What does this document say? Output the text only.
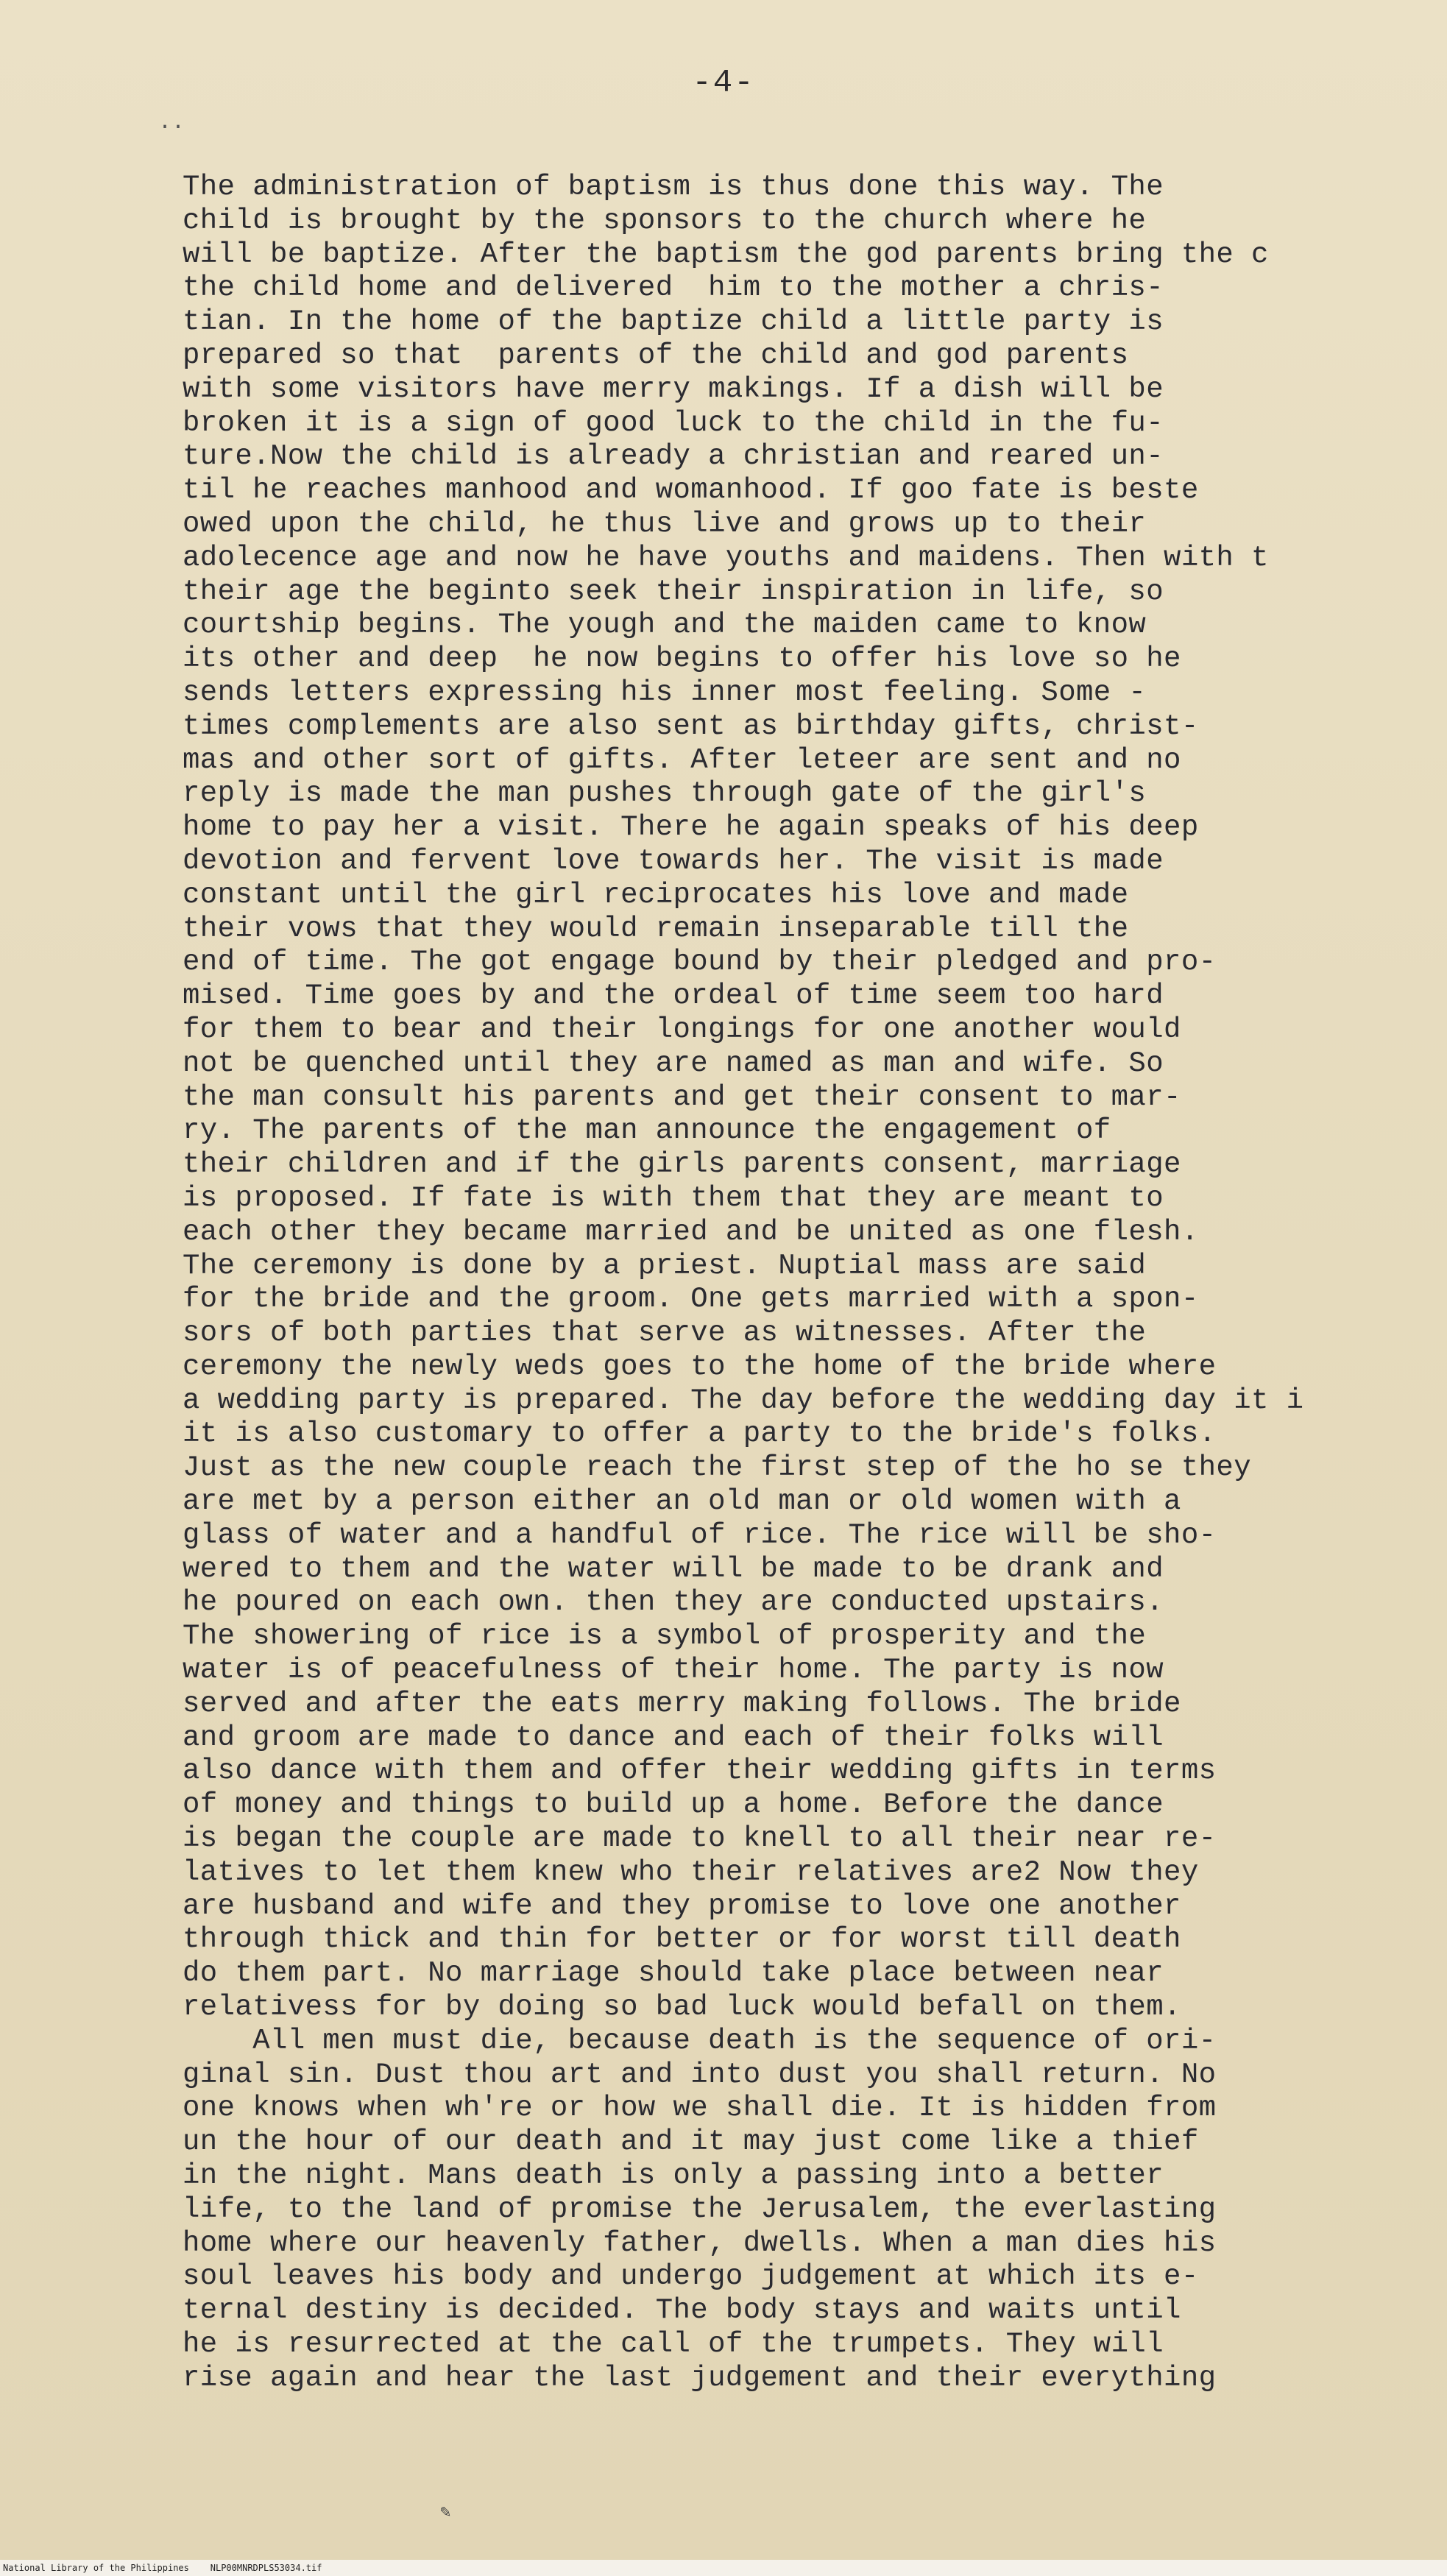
-4-
..
The administration of baptism is thus done this way. The
child is brought by the sponsors to the church where he
will be baptize. After the baptism the god parents bring the c
the child home and delivered  him to the mother a chris-
tian. In the home of the baptize child a little party is
prepared so that  parents of the child and god parents
with some visitors have merry makings. If a dish will be
broken it is a sign of good luck to the child in the fu-
ture.Now the child is already a christian and reared un-
til he reaches manhood and womanhood. If goo fate is beste
owed upon the child, he thus live and grows up to their
adolecence age and now he have youths and maidens. Then with t
their age the beginto seek their inspiration in life, so
courtship begins. The yough and the maiden came to know
its other and deep  he now begins to offer his love so he
sends letters expressing his inner most feeling. Some -
times complements are also sent as birthday gifts, christ-
mas and other sort of gifts. After leteer are sent and no
reply is made the man pushes through gate of the girl's
home to pay her a visit. There he again speaks of his deep
devotion and fervent love towards her. The visit is made
constant until the girl reciprocates his love and made
their vows that they would remain inseparable till the
end of time. The got engage bound by their pledged and pro-
mised. Time goes by and the ordeal of time seem too hard
for them to bear and their longings for one another would
not be quenched until they are named as man and wife. So
the man consult his parents and get their consent to mar-
ry. The parents of the man announce the engagement of
their children and if the girls parents consent, marriage
is proposed. If fate is with them that they are meant to
each other they became married and be united as one flesh.
The ceremony is done by a priest. Nuptial mass are said
for the bride and the groom. One gets married with a spon-
sors of both parties that serve as witnesses. After the
ceremony the newly weds goes to the home of the bride where
a wedding party is prepared. The day before the wedding day it i
it is also customary to offer a party to the bride's folks.
Just as the new couple reach the first step of the ho se they
are met by a person either an old man or old women with a
glass of water and a handful of rice. The rice will be sho-
wered to them and the water will be made to be drank and
he poured on each own. then they are conducted upstairs.
The showering of rice is a symbol of prosperity and the
water is of peacefulness of their home. The party is now
served and after the eats merry making follows. The bride
and groom are made to dance and each of their folks will
also dance with them and offer their wedding gifts in terms
of money and things to build up a home. Before the dance
is began the couple are made to knell to all their near re-
latives to let them knew who their relatives are2 Now they
are husband and wife and they promise to love one another
through thick and thin for better or for worst till death
do them part. No marriage should take place between near
relativess for by doing so bad luck would befall on them.
All men must die, because death is the sequence of ori-
ginal sin. Dust thou art and into dust you shall return. No
one knows when wh're or how we shall die. It is hidden from
un the hour of our death and it may just come like a thief
in the night. Mans death is only a passing into a better
life, to the land of promise the Jerusalem, the everlasting
home where our heavenly father, dwells. When a man dies his
soul leaves his body and undergo judgement at which its e-
ternal destiny is decided. The body stays and waits until
he is resurrected at the call of the trumpets. They will
rise again and hear the last judgement and their everything
✎
National Library of the Philippines    NLP00MNRDPLS53034.tif
